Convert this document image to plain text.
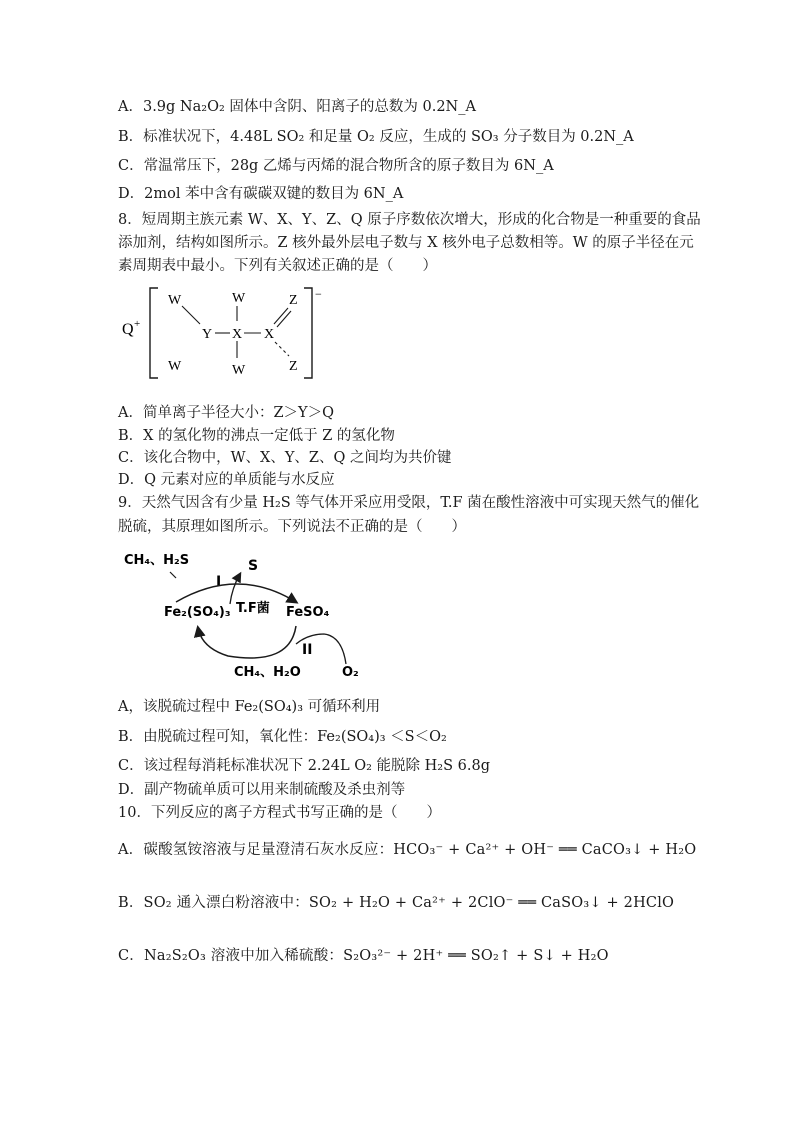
A．3.9g Na₂O₂ 固体中含阴、阳离子的总数为 0.2N_A
B．标准状况下，4.48L SO₂ 和足量 O₂ 反应，生成的 SO₃ 分子数目为 0.2N_A
C．常温常压下，28g 乙烯与丙烯的混合物所含的原子数目为 6N_A
D．2mol 苯中含有碳碳双键的数目为 6N_A
8．短周期主族元素 W、X、Y、Z、Q 原子序数依次增大，形成的化合物是一种重要的食品
添加剂，结构如图所示。Z 核外最外层电子数与 X 核外电子总数相等。W 的原子半径在元
素周期表中最小。下列有关叙述正确的是（　　）
Q +
−
W
W
Y X
W
W
X
Z
Z
A．简单离子半径大小：Z＞Y＞Q
B．X 的氢化物的沸点一定低于 Z 的氢化物
C．该化合物中，W、X、Y、Z、Q 之间均为共价键
D．Q 元素对应的单质能与水反应
9．天然气因含有少量 H₂S 等气体开采应用受限，T.F 菌在酸性溶液中可实现天然气的催化
脱硫，其原理如图所示。下列说法不正确的是（　　）
CH₄、H₂S
I
S
Fe₂(SO₄)₃ T.F菌 FeSO₄
II
CH₄、H₂O	O₂
A，该脱硫过程中 Fe₂(SO₄)₃ 可循环利用
B．由脱硫过程可知，氧化性：Fe₂(SO₄)₃ ＜S＜O₂
C．该过程每消耗标准状况下 2.24L O₂ 能脱除 H₂S 6.8g
D．副产物硫单质可以用来制硫酸及杀虫剂等
10．下列反应的离子方程式书写正确的是（　　）
A．碳酸氢铵溶液与足量澄清石灰水反应：HCO₃⁻ + Ca²⁺ + OH⁻ ══ CaCO₃↓ + H₂O
B．SO₂ 通入漂白粉溶液中：SO₂ + H₂O + Ca²⁺ + 2ClO⁻ ══ CaSO₃↓ + 2HClO
C．Na₂S₂O₃ 溶液中加入稀硫酸：S₂O₃²⁻ + 2H⁺ ══ SO₂↑ + S↓ + H₂O
